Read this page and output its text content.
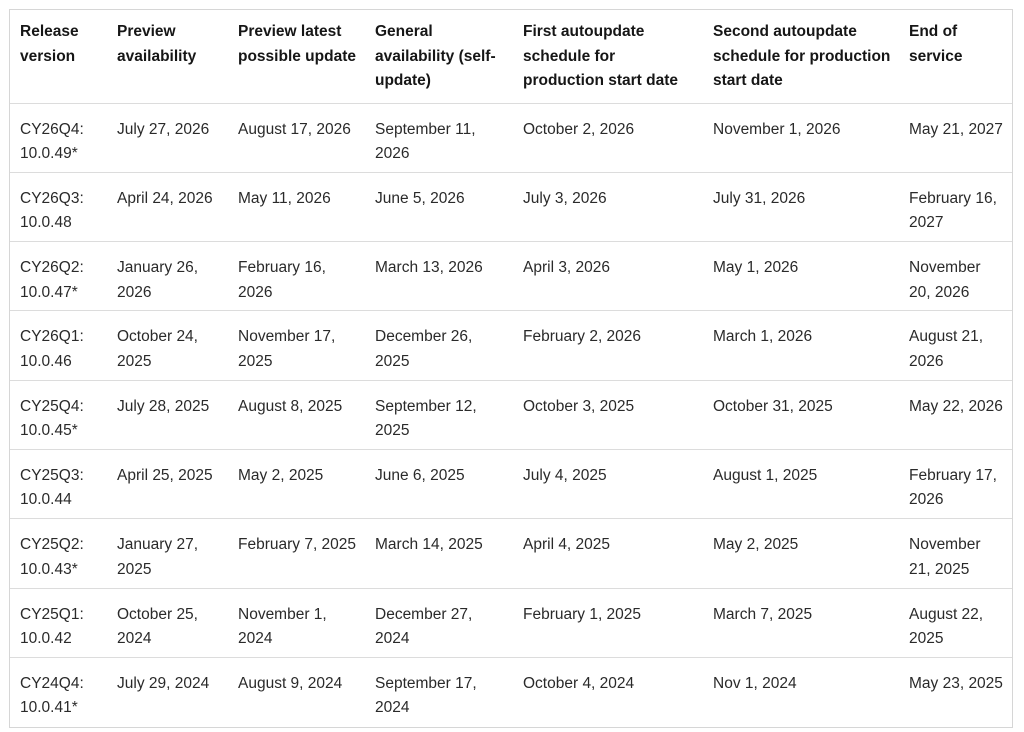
Release version	Preview availability	Preview latest possible update	General availability (self-update)	First autoupdate schedule for production start date	Second autoupdate schedule for production start date	End of service
CY26Q4: 10.0.49*	July 27, 2026	August 17, 2026	September 11, 2026	October 2, 2026	November 1, 2026	May 21, 2027
CY26Q3: 10.0.48	April 24, 2026	May 11, 2026	June 5, 2026	July 3, 2026	July 31, 2026	February 16, 2027
CY26Q2: 10.0.47*	January 26, 2026	February 16, 2026	March 13, 2026	April 3, 2026	May 1, 2026	November 20, 2026
CY26Q1: 10.0.46	October 24, 2025	November 17, 2025	December 26, 2025	February 2, 2026	March 1, 2026	August 21, 2026
CY25Q4: 10.0.45*	July 28, 2025	August 8, 2025	September 12, 2025	October 3, 2025	October 31, 2025	May 22, 2026
CY25Q3: 10.0.44	April 25, 2025	May 2, 2025	June 6, 2025	July 4, 2025	August 1, 2025	February 17, 2026
CY25Q2: 10.0.43*	January 27, 2025	February 7, 2025	March 14, 2025	April 4, 2025	May 2, 2025	November 21, 2025
CY25Q1: 10.0.42	October 25, 2024	November 1, 2024	December 27, 2024	February 1, 2025	March 7, 2025	August 22, 2025
CY24Q4: 10.0.41*	July 29, 2024	August 9, 2024	September 17, 2024	October 4, 2024	Nov 1, 2024	May 23, 2025
